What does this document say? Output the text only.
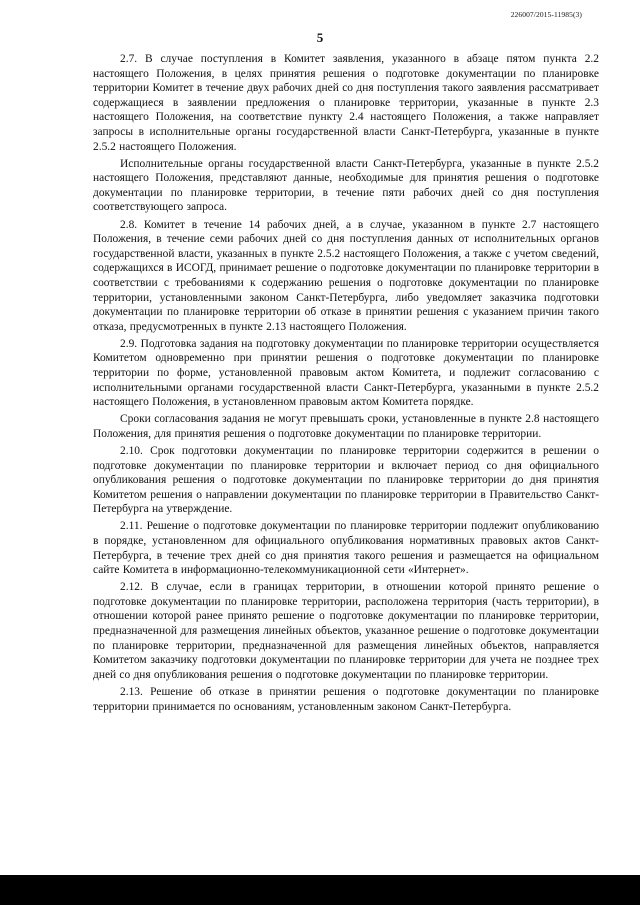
226007/2015-11985(3)
5

2.7. В случае поступления в Комитет заявления, указанного в абзаце пятом пункта 2.2 настоящего Положения, в целях принятия решения о подготовке документации по планировке территории Комитет в течение двух рабочих дней со дня поступления такого заявления рассматривает содержащиеся в заявлении предложения о планировке территории, указанные в пункте 2.3 настоящего Положения, на соответствие пункту 2.4 настоящего Положения, а также направляет запросы в исполнительные органы государственной власти Санкт-Петербурга, указанные в пункте 2.5.2 настоящего Положения.

Исполнительные органы государственной власти Санкт-Петербурга, указанные в пункте 2.5.2 настоящего Положения, представляют данные, необходимые для принятия решения о подготовке документации по планировке территории, в течение пяти рабочих дней со дня поступления соответствующего запроса.

2.8. Комитет в течение 14 рабочих дней, а в случае, указанном в пункте 2.7 настоящего Положения, в течение семи рабочих дней со дня поступления данных от исполнительных органов государственной власти, указанных в пункте 2.5.2 настоящего Положения, а также с учетом сведений, содержащихся в ИСОГД, принимает решение о подготовке документации по планировке территории в соответствии с требованиями к содержанию решения о подготовке документации по планировке территории, установленными законом Санкт-Петербурга, либо уведомляет заказчика подготовки документации по планировке территории об отказе в принятии решения с указанием причин такого отказа, предусмотренных в пункте 2.13 настоящего Положения.

2.9. Подготовка задания на подготовку документации по планировке территории осуществляется Комитетом одновременно при принятии решения о подготовке документации по планировке территории по форме, установленной правовым актом Комитета, и подлежит согласованию с исполнительными органами государственной власти Санкт-Петербурга, указанными в пункте 2.5.2 настоящего Положения, в установленном правовым актом Комитета порядке.

Сроки согласования задания не могут превышать сроки, установленные в пункте 2.8 настоящего Положения, для принятия решения о подготовке документации по планировке территории.

2.10. Срок подготовки документации по планировке территории содержится в решении о подготовке документации по планировке территории и включает период со дня официального опубликования решения о подготовке документации по планировке территории до дня принятия Комитетом решения о направлении документации по планировке территории в Правительство Санкт-Петербурга на утверждение.

2.11. Решение о подготовке документации по планировке территории подлежит опубликованию в порядке, установленном для официального опубликования нормативных правовых актов Санкт-Петербурга, в течение трех дней со дня принятия такого решения и размещается на официальном сайте Комитета в информационно-телекоммуникационной сети «Интернет».

2.12. В случае, если в границах территории, в отношении которой принято решение о подготовке документации по планировке территории, расположена территория (часть территории), в отношении которой ранее принято решение о подготовке документации по планировке территории, предназначенной для размещения линейных объектов, указанное решение о подготовке документации по планировке территории, предназначенной для размещения линейных объектов, направляется Комитетом заказчику подготовки документации по планировке территории для учета не позднее трех дней со дня опубликования решения о подготовке документации по планировке территории.

2.13. Решение об отказе в принятии решения о подготовке документации по планировке территории принимается по основаниям, установленным законом Санкт-Петербурга.
